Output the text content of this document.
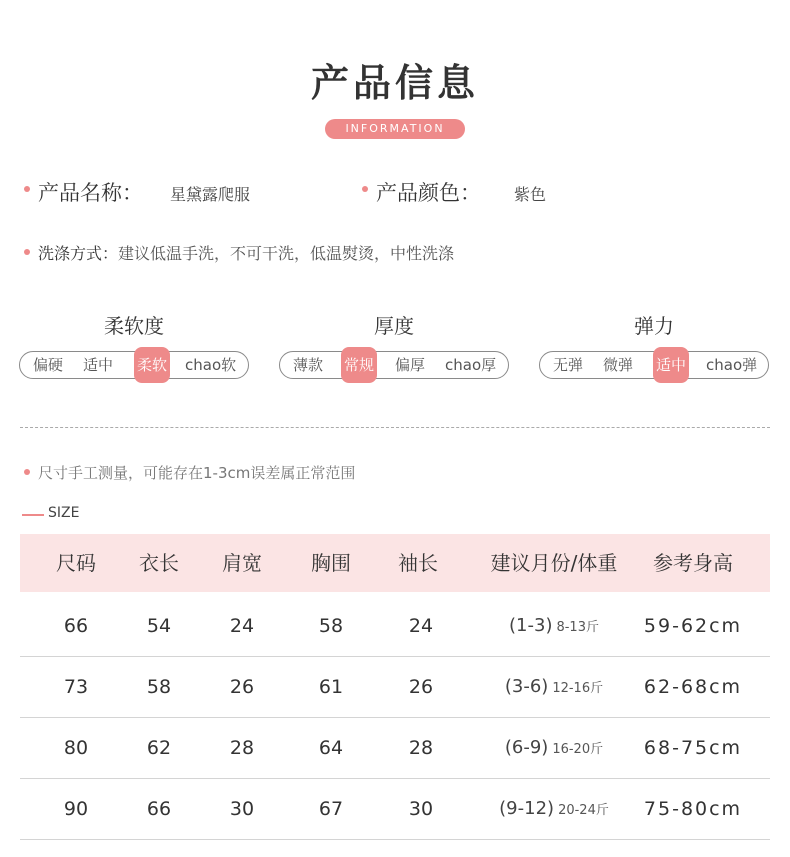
产品信息
INFORMATION
产品名称： 星黛露爬服	产品颜色： 紫色
洗涤方式：建议低温手洗，不可干洗，低温熨烫，中性洗涤
柔软度
偏硬 适中 柔软 chao软
厚度
薄款 常规 偏厚 chao厚
弹力
无弹 微弹 适中 chao弹
尺寸手工测量，可能存在1-3cm误差属正常范围
SIZE
尺码	衣长	肩宽	胸围	袖长	建议月份/体重	参考身高
66	54	24	58	24	(1-3) 8-13斤	59-62cm
73	58	26	61	26	(3-6) 12-16斤	62-68cm
80	62	28	64	28	(6-9) 16-20斤	68-75cm
90	66	30	67	30	(9-12) 20-24斤	75-80cm
